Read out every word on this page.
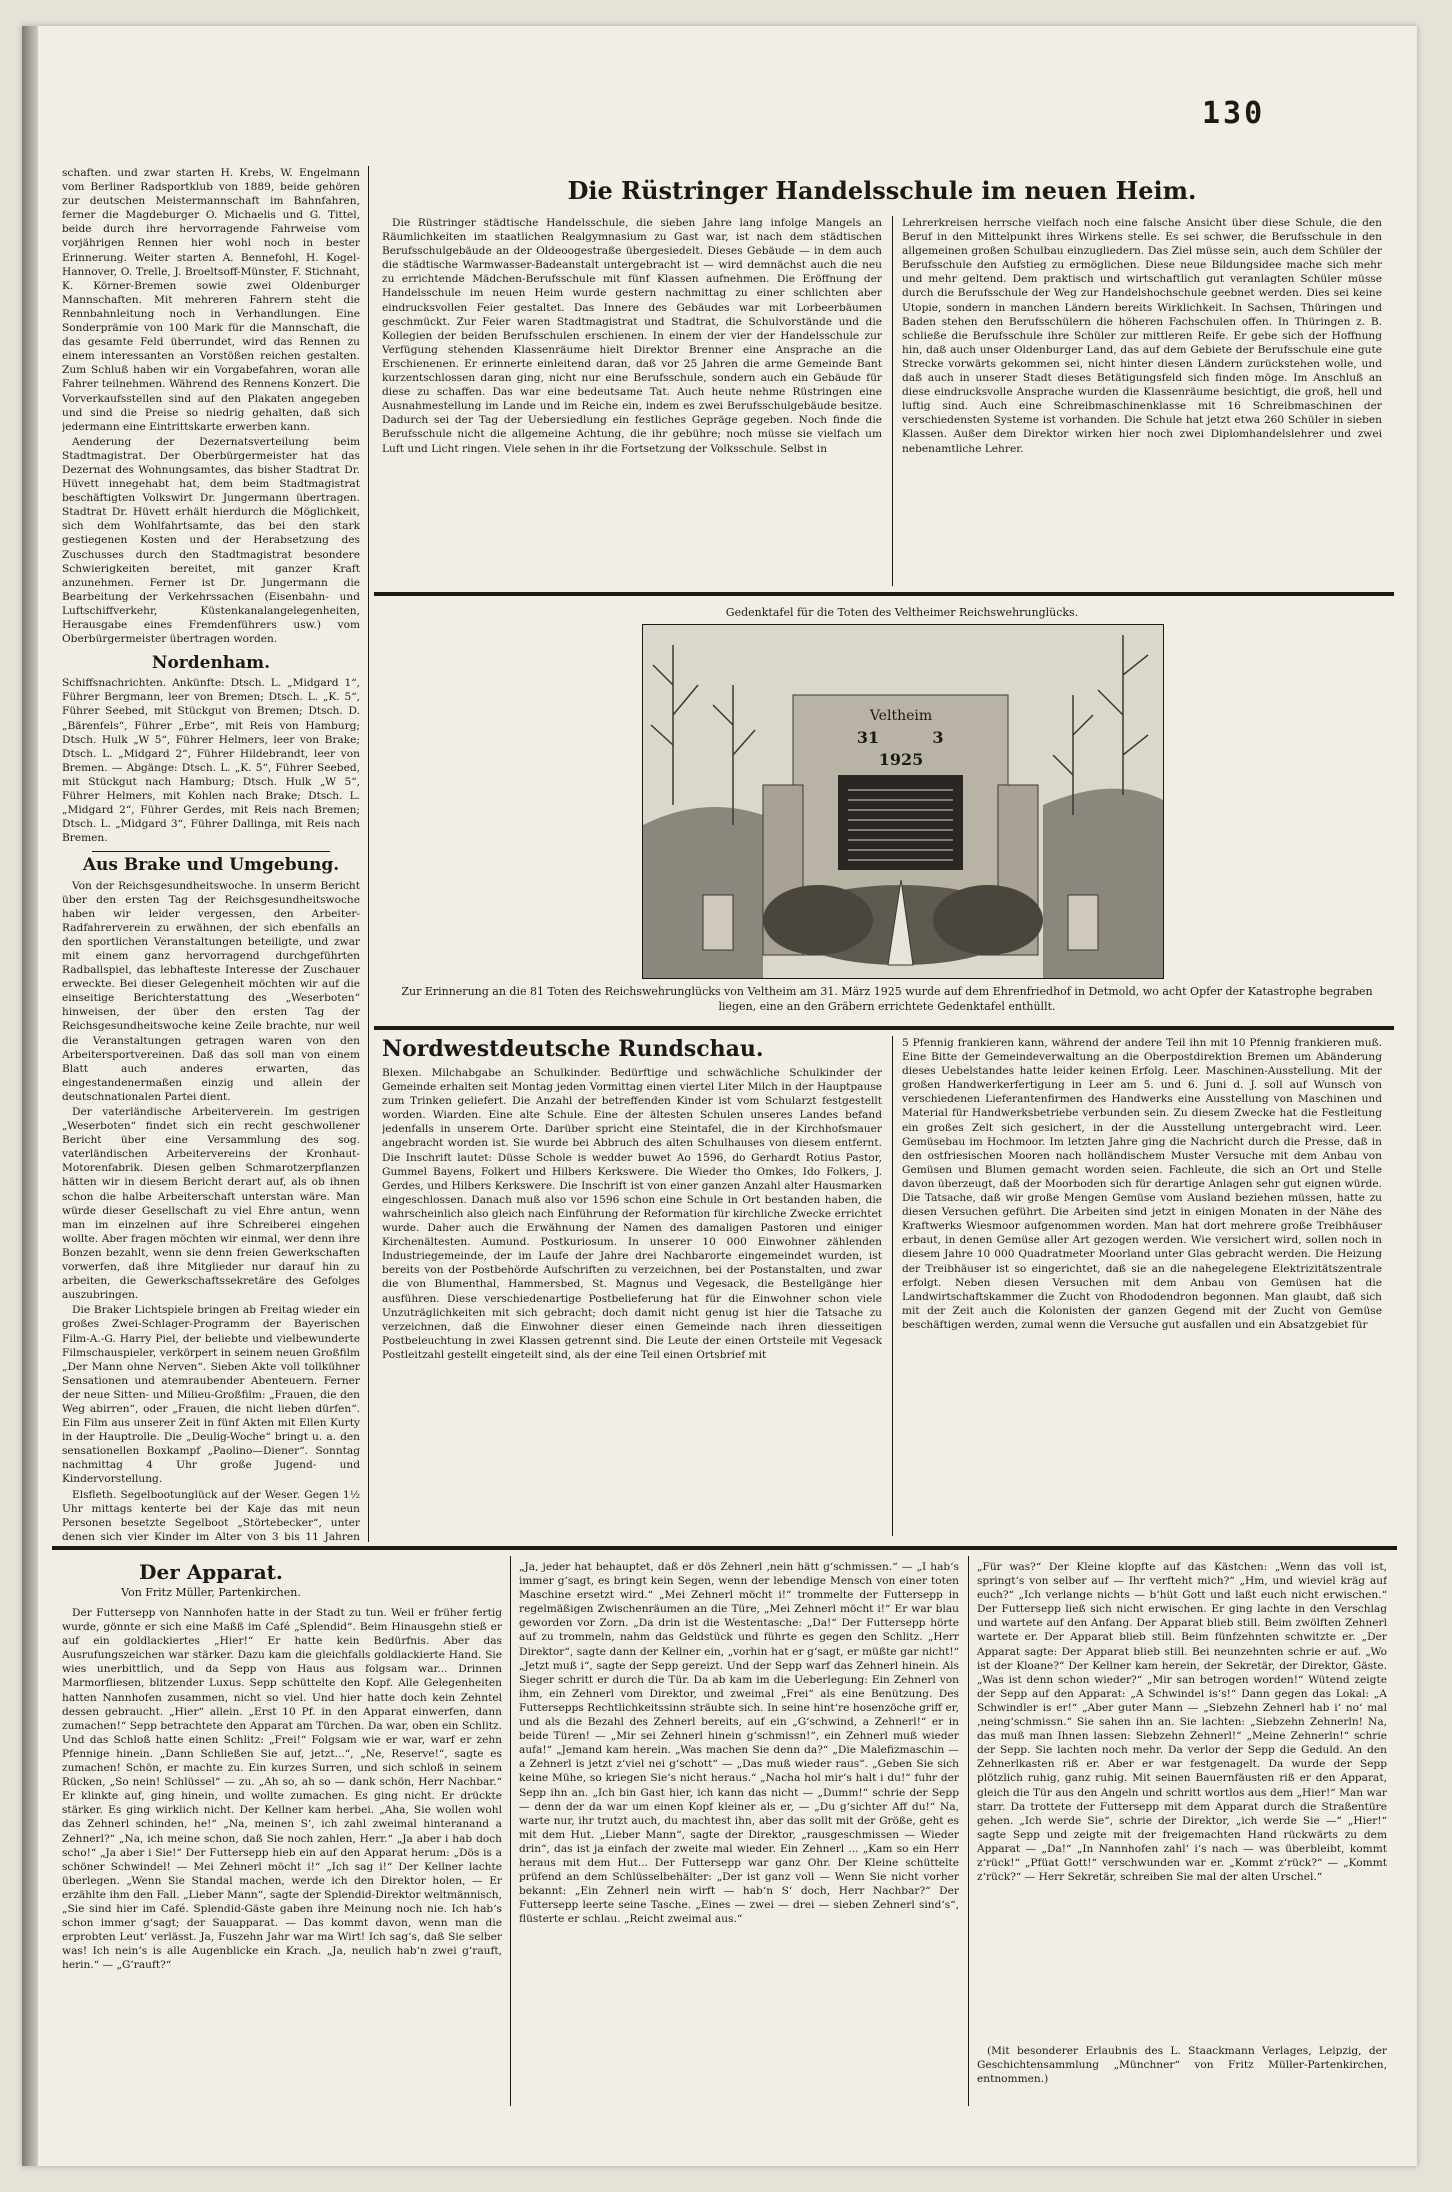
130

schaften. und zwar starten H. Krebs, W. Engelmann vom Berliner Radsportklub von 1889, beide gehören zur deutschen Meistermannschaft im Bahnfahren, ferner die Magdeburger O. Michaelis und G. Tittel, beide durch ihre hervorragende Fahrweise vom vorjährigen Rennen hier wohl noch in bester Erinnerung. Weiter starten A. Bennefohl, H. Kogel-Hannover, O. Trelle, J. Broeltsoff-Münster, F. Stichnaht, K. Körner-Bremen sowie zwei Oldenburger Mannschaften. Mit mehreren Fahrern steht die Rennbahnleitung noch in Verhandlungen. Eine Sonderprämie von 100 Mark für die Mannschaft, die das gesamte Feld überrundet, wird das Rennen zu einem interessanten an Vorstößen reichen gestalten. Zum Schluß haben wir ein Vorgabefahren, woran alle Fahrer teilnehmen. Während des Rennens Konzert. Die Vorverkaufsstellen sind auf den Plakaten angegeben und sind die Preise so niedrig gehalten, daß sich jedermann eine Eintrittskarte erwerben kann.

Aenderung der Dezernatsverteilung beim Stadtmagistrat. Der Oberbürgermeister hat das Dezernat des Wohnungsamtes, das bisher Stadtrat Dr. Hüvett innegehabt hat, dem beim Stadtmagistrat beschäftigten Volkswirt Dr. Jungermann übertragen. Stadtrat Dr. Hüvett erhält hierdurch die Möglichkeit, sich dem Wohlfahrtsamte, das bei den stark gestiegenen Kosten und der Herabsetzung des Zuschusses durch den Stadtmagistrat besondere Schwierigkeiten bereitet, mit ganzer Kraft anzunehmen. Ferner ist Dr. Jungermann die Bearbeitung der Verkehrssachen (Eisenbahn- und Luftschiffverkehr, Küstenkanalangelegenheiten, Herausgabe eines Fremdenführers usw.) vom Oberbürgermeister übertragen worden.

Nordenham.

Schiffsnachrichten. Ankünfte: Dtsch. L. „Midgard 1“, Führer Bergmann, leer von Bremen; Dtsch. L. „K. 5“, Führer Seebed, mit Stückgut von Bremen; Dtsch. D. „Bärenfels“, Führer „Erbe“, mit Reis von Hamburg; Dtsch. Hulk „W 5“, Führer Helmers, leer von Brake; Dtsch. L. „Midgard 2“, Führer Hildebrandt, leer von Bremen. — Abgänge: Dtsch. L. „K. 5“, Führer Seebed, mit Stückgut nach Hamburg; Dtsch. Hulk „W 5“, Führer Helmers, mit Kohlen nach Brake; Dtsch. L. „Midgard 2“, Führer Gerdes, mit Reis nach Bremen; Dtsch. L. „Midgard 3“, Führer Dallinga, mit Reis nach Bremen.

Aus Brake und Umgebung.

Von der Reichsgesundheitswoche. In unserm Bericht über den ersten Tag der Reichsgesundheitswoche haben wir leider vergessen, den Arbeiter-Radfahrerverein zu erwähnen, der sich ebenfalls an den sportlichen Veranstaltungen beteiligte, und zwar mit einem ganz hervorragend durchgeführten Radballspiel, das lebhafteste Interesse der Zuschauer erweckte. Bei dieser Gelegenheit möchten wir auf die einseitige Berichterstattung des „Weserboten“ hinweisen, der über den ersten Tag der Reichsgesundheitswoche keine Zeile brachte, nur weil die Veranstaltungen getragen waren von den Arbeitersportvereinen. Daß das soll man von einem Blatt auch anderes erwarten, das eingestandenermaßen einzig und allein der deutschnationalen Partei dient.

Der vaterländische Arbeiterverein. Im gestrigen „Weserboten“ findet sich ein recht geschwollener Bericht über eine Versammlung des sog. vaterländischen Arbeitervereins der Kronhaut-Motorenfabrik. Diesen gelben Schmarotzerpflanzen hätten wir in diesem Bericht derart auf, als ob ihnen schon die halbe Arbeiterschaft unterstan wäre. Man würde dieser Gesellschaft zu viel Ehre antun, wenn man im einzelnen auf ihre Schreiberei eingehen wollte. Aber fragen möchten wir einmal, wer denn ihre Bonzen bezahlt, wenn sie denn freien Gewerkschaften vorwerfen, daß ihre Mitglieder nur darauf hin zu arbeiten, die Gewerkschaftssekretäre des Gefolges auszubringen.

Die Braker Lichtspiele bringen ab Freitag wieder ein großes Zwei-Schlager-Programm der Bayerischen Film-A.-G. Harry Piel, der beliebte und vielbewunderte Filmschauspieler, verkörpert in seinem neuen Großfilm „Der Mann ohne Nerven“. Sieben Akte voll tollkühner Sensationen und atemraubender Abenteuern. Ferner der neue Sitten- und Milieu-Großfilm: „Frauen, die den Weg abirren“, oder „Frauen, die nicht lieben dürfen“. Ein Film aus unserer Zeit in fünf Akten mit Ellen Kurty in der Hauptrolle. Die „Deulig-Woche“ bringt u. a. den sensationellen Boxkampf „Paolino—Diener“. Sonntag nachmittag 4 Uhr große Jugend- und Kindervorstellung.

Elsfleth. Segelbootunglück auf der Weser. Gegen 1½ Uhr mittags kenterte bei der Kaje das mit neun Personen besetzte Segelboot „Störtebecker“, unter denen sich vier Kinder im Alter von 3 bis 11 Jahren

Die Rüstringer Handelsschule im neuen Heim.

Die Rüstringer städtische Handelsschule, die sieben Jahre lang infolge Mangels an Räumlichkeiten im staatlichen Realgymnasium zu Gast war, ist nach dem städtischen Berufsschulgebäude an der Oldeoogestraße übergesiedelt. Dieses Gebäude — in dem auch die städtische Warmwasser-Badeanstalt untergebracht ist — wird demnächst auch die neu zu errichtende Mädchen-Berufsschule mit fünf Klassen aufnehmen. Die Eröffnung der Handelsschule im neuen Heim wurde gestern nachmittag zu einer schlichten aber eindrucksvollen Feier gestaltet. Das Innere des Gebäudes war mit Lorbeerbäumen geschmückt. Zur Feier waren Stadtmagistrat und Stadtrat, die Schulvorstände und die Kollegien der beiden Berufsschulen erschienen. In einem der vier der Handelsschule zur Verfügung stehenden Klassenräume hielt Direktor Brenner eine Ansprache an die Erschienenen. Er erinnerte einleitend daran, daß vor 25 Jahren die arme Gemeinde Bant kurzentschlossen daran ging, nicht nur eine Berufsschule, sondern auch ein Gebäude für diese zu schaffen. Das war eine bedeutsame Tat. Auch heute nehme Rüstringen eine Ausnahmestellung im Lande und im Reiche ein, indem es zwei Berufsschulgebäude besitze. Dadurch sei der Tag der Uebersiedlung ein festliches Gepräge gegeben. Noch finde die Berufsschule nicht die allgemeine Achtung, die ihr gebühre; noch müsse sie vielfach um Luft und Licht ringen. Viele sehen in ihr die Fortsetzung der Volksschule. Selbst in

Lehrerkreisen herrsche vielfach noch eine falsche Ansicht über diese Schule, die den Beruf in den Mittelpunkt ihres Wirkens stelle. Es sei schwer, die Berufsschule in den allgemeinen großen Schulbau einzugliedern. Das Ziel müsse sein, auch dem Schüler der Berufsschule den Aufstieg zu ermöglichen. Diese neue Bildungsidee mache sich mehr und mehr geltend. Dem praktisch und wirtschaftlich gut veranlagten Schüler müsse durch die Berufsschule der Weg zur Handelshochschule geebnet werden. Dies sei keine Utopie, sondern in manchen Ländern bereits Wirklichkeit. In Sachsen, Thüringen und Baden stehen den Berufsschülern die höheren Fachschulen offen. In Thüringen z. B. schließe die Berufsschule ihre Schüler zur mittleren Reife. Er gebe sich der Hoffnung hin, daß auch unser Oldenburger Land, das auf dem Gebiete der Berufsschule eine gute Strecke vorwärts gekommen sei, nicht hinter diesen Ländern zurückstehen wolle, und daß auch in unserer Stadt dieses Betätigungsfeld sich finden möge. Im Anschluß an diese eindrucksvolle Ansprache wurden die Klassenräume besichtigt, die groß, hell und luftig sind. Auch eine Schreibmaschinenklasse mit 16 Schreibmaschinen der verschiedensten Systeme ist vorhanden. Die Schule hat jetzt etwa 260 Schüler in sieben Klassen. Außer dem Direktor wirken hier noch zwei Diplomhandelslehrer und zwei nebenamtliche Lehrer.

Gedenktafel für die Toten des Veltheimer Reichswehrunglücks.
Veltheim
31	3
1925
Zur Erinnerung an die 81 Toten des Reichswehrunglücks von Veltheim am 31. März 1925 wurde auf dem Ehrenfriedhof in Detmold, wo acht Opfer der Katastrophe begraben liegen, eine an den Gräbern errichtete Gedenktafel enthüllt.
Nordwestdeutsche Rundschau.

Blexen. Milchabgabe an Schulkinder. Bedürftige und schwächliche Schulkinder der Gemeinde erhalten seit Montag jeden Vormittag einen viertel Liter Milch in der Hauptpause zum Trinken geliefert. Die Anzahl der betreffenden Kinder ist vom Schularzt festgestellt worden. Wiarden. Eine alte Schule. Eine der ältesten Schulen unseres Landes befand jedenfalls in unserem Orte. Darüber spricht eine Steintafel, die in der Kirchhofsmauer angebracht worden ist. Sie wurde bei Abbruch des alten Schulhauses von diesem entfernt. Die Inschrift lautet: Düsse Schole is wedder buwet Ao 1596, do Gerhardt Rotius Pastor, Gummel Bayens, Folkert und Hilbers Kerkswere. Die Wieder tho Omkes, Ido Folkers, J. Gerdes, und Hilbers Kerkswere. Die Inschrift ist von einer ganzen Anzahl alter Hausmarken eingeschlossen. Danach muß also vor 1596 schon eine Schule in Ort bestanden haben, die wahrscheinlich also gleich nach Einführung der Reformation für kirchliche Zwecke errichtet wurde. Daher auch die Erwähnung der Namen des damaligen Pastoren und einiger Kirchenältesten. Aumund. Postkuriosum. In unserer 10 000 Einwohner zählenden Industriegemeinde, der im Laufe der Jahre drei Nachbarorte eingemeindet wurden, ist bereits von der Postbehörde Aufschriften zu verzeichnen, bei der Postanstalten, und zwar die von Blumenthal, Hammersbed, St. Magnus und Vegesack, die Bestellgänge hier ausführen. Diese verschiedenartige Postbelieferung hat für die Einwohner schon viele Unzuträglichkeiten mit sich gebracht; doch damit nicht genug ist hier die Tatsache zu verzeichnen, daß die Einwohner dieser einen Gemeinde nach ihren diesseitigen Postbeleuchtung in zwei Klassen getrennt sind. Die Leute der einen Ortsteile mit Vegesack Postleitzahl gestellt eingeteilt sind, als der eine Teil einen Ortsbrief mit

5 Pfennig frankieren kann, während der andere Teil ihn mit 10 Pfennig frankieren muß. Eine Bitte der Gemeindeverwaltung an die Oberpostdirektion Bremen um Abänderung dieses Uebelstandes hatte leider keinen Erfolg. Leer. Maschinen-Ausstellung. Mit der großen Handwerkerfertigung in Leer am 5. und 6. Juni d. J. soll auf Wunsch von verschiedenen Lieferantenfirmen des Handwerks eine Ausstellung von Maschinen und Material für Handwerksbetriebe verbunden sein. Zu diesem Zwecke hat die Festleitung ein großes Zelt sich gesichert, in der die Ausstellung untergebracht wird. Leer. Gemüsebau im Hochmoor. Im letzten Jahre ging die Nachricht durch die Presse, daß in den ostfriesischen Mooren nach holländischem Muster Versuche mit dem Anbau von Gemüsen und Blumen gemacht worden seien. Fachleute, die sich an Ort und Stelle davon überzeugt, daß der Moorboden sich für derartige Anlagen sehr gut eignen würde. Die Tatsache, daß wir große Mengen Gemüse vom Ausland beziehen müssen, hatte zu diesen Versuchen geführt. Die Arbeiten sind jetzt in einigen Monaten in der Nähe des Kraftwerks Wiesmoor aufgenommen worden. Man hat dort mehrere große Treibhäuser erbaut, in denen Gemüse aller Art gezogen werden. Wie versichert wird, sollen noch in diesem Jahre 10 000 Quadratmeter Moorland unter Glas gebracht werden. Die Heizung der Treibhäuser ist so eingerichtet, daß sie an die nahegelegene Elektrizitätszentrale erfolgt. Neben diesen Versuchen mit dem Anbau von Gemüsen hat die Landwirtschaftskammer die Zucht von Rhododendron begonnen. Man glaubt, daß sich mit der Zeit auch die Kolonisten der ganzen Gegend mit der Zucht von Gemüse beschäftigen werden, zumal wenn die Versuche gut ausfallen und ein Absatzgebiet für

Der Apparat.
Von Fritz Müller, Partenkirchen.

Der Futtersepp von Nannhofen hatte in der Stadt zu tun. Weil er früher fertig wurde, gönnte er sich eine Maßß im Café „Splendid“. Beim Hinausgehn stieß er auf ein goldlackiertes „Hier!“ Er hatte kein Bedürfnis. Aber das Ausrufungszeichen war stärker. Dazu kam die gleichfalls goldlackierte Hand. Sie wies unerbittlich, und da Sepp von Haus aus folgsam war... Drinnen Marmorfliesen, blitzender Luxus. Sepp schüttelte den Kopf. Alle Gelegenheiten hatten Nannhofen zusammen, nicht so viel. Und hier hatte doch kein Zehntel dessen gebraucht. „Hier“ allein. „Erst 10 Pf. in den Apparat einwerfen, dann zumachen!“ Sepp betrachtete den Apparat am Türchen. Da war, oben ein Schlitz. Und das Schloß hatte einen Schlitz: „Frei!“ Folgsam wie er war, warf er zehn Pfennige hinein. „Dann Schließen Sie auf, jetzt...“, „Ne, Reserve!“, sagte es zumachen! Schön, er machte zu. Ein kurzes Surren, und sich schloß in seinem Rücken, „So nein! Schlüssel“ — zu. „Ah so, ah so — dank schön, Herr Nachbar.“ Er klinkte auf, ging hinein, und wollte zumachen. Es ging nicht. Er drückte stärker. Es ging wirklich nicht. Der Kellner kam herbei. „Aha, Sie wollen wohl das Zehnerl schinden, he!“ „Na, meinen S‘, ich zahl zweimal hinteranand a Zehnerl?“ „Na, ich meine schon, daß Sie noch zahlen, Herr.“ „Ja aber i hab doch scho!“ „Ja aber i Sie!“ Der Futtersepp hieb ein auf den Apparat herum: „Dös is a schöner Schwindel! — Mei Zehnerl möcht i!“ „Ich sag i!“ Der Kellner lachte überlegen. „Wenn Sie Standal machen, werde ich den Direktor holen, — Er erzählte ihm den Fall. „Lieber Mann“, sagte der Splendid-Direktor weltmännisch, „Sie sind hier im Café. Splendid-Gäste gaben ihre Meinung noch nie. Ich hab‘s schon immer g‘sagt; der Sauapparat. — Das kommt davon, wenn man die erprobten Leut‘ verlässt. Ja, Fuszehn Jahr war ma Wirt! Ich sag‘s, daß Sie selber was! Ich nein‘s is alle Augenblicke ein Krach. „Ja, neulich hab‘n zwei g‘rauft, herin.“ — „G‘rauft?“

„Ja, jeder hat behauptet, daß er dös Zehnerl ‚nein hätt g‘schmissen.“ — „I hab‘s immer g‘sagt, es bringt kein Segen, wenn der lebendige Mensch von einer toten Maschine ersetzt wird.“ „Mei Zehnerl möcht i!“ trommelte der Futtersepp in regelmäßigen Zwischenräumen an die Türe, „Mei Zehnerl möcht i!“ Er war blau geworden vor Zorn. „Da drin ist die Westentasche: „Da!“ Der Futtersepp hörte auf zu trommeln, nahm das Geldstück und führte es gegen den Schlitz. „Herr Direktor“, sagte dann der Kellner ein, „vorhin hat er g‘sagt, er müßte gar nicht!“ „Jetzt muß i“, sagte der Sepp gereizt. Und der Sepp warf das Zehnerl hinein. Als Sieger schritt er durch die Tür. Da ab kam im die Ueberlegung: Ein Zehnerl von ihm, ein Zehnerl vom Direktor, und zweimal „Frei“ als eine Benützung. Des Futtersepps Rechtlichkeitssinn sträubte sich. In seine hint‘re hosenzöche griff er, und als die Bezahl des Zehnerl bereits, auf ein „G‘schwind, a Zehnerl!“ er in beide Türen! — „Mir sei Zehnerl hinein g‘schmissn!“, ein Zehnerl muß wieder aufa!“ „Jemand kam herein. „Was machen Sie denn da?“ „Die Malefizmaschin — a Zehnerl is jetzt z‘viel nei g‘schott“ — „Das muß wieder raus“. „Geben Sie sich keine Mühe, so kriegen Sie‘s nicht heraus.“ „Nacha hol mir‘s halt i du!“ fuhr der Sepp ihn an. „Ich bin Gast hier, ich kann das nicht — „Dumm!“ schrie der Sepp — denn der da war um einen Kopf kleiner als er, — „Du g‘sichter Aff du!“ Na, warte nur, ihr trutzt auch, du machtest ihn, aber das sollt mit der Größe, geht es mit dem Hut. „Lieber Mann“, sagte der Direktor, „rausgeschmissen — Wieder drin“, das ist ja einfach der zweite mal wieder. Ein Zehnerl ... „Kam so ein Herr heraus mit dem Hut... Der Futtersepp war ganz Ohr. Der Kleine schüttelte prüfend an dem Schlüsselbehälter: „Der ist ganz voll — Wenn Sie nicht vorher bekannt: „Ein Zehnerl nein wirft — hab‘n S‘ doch, Herr Nachbar?“ Der Futtersepp leerte seine Tasche. „Eines — zwei — drei — sieben Zehnerl sind‘s“, flüsterte er schlau. „Reicht zweimal aus.“

„Für was?“ Der Kleine klopfte auf das Kästchen: „Wenn das voll ist, springt‘s von selber auf — Ihr verfteht mich?“ „Hm, und wieviel kräg auf euch?“ „Ich verlange nichts — b‘hüt Gott und laßt euch nicht erwischen.“ Der Futtersepp ließ sich nicht erwischen. Er ging lachte in den Verschlag und wartete auf den Anfang. Der Apparat blieb still. Beim zwölften Zehnerl wartete er. Der Apparat blieb still. Beim fünfzehnten schwitzte er. „Der Apparat sagte: Der Apparat blieb still. Bei neunzehnten schrie er auf. „Wo ist der Kloane?“ Der Kellner kam herein, der Sekretär, der Direktor, Gäste. „Was ist denn schon wieder?“ „Mir san betrogen worden!“ Wütend zeigte der Sepp auf den Apparat: „A Schwindel is‘s!“ Dann gegen das Lokal: „A Schwindler is er!“ „Aber guter Mann — „Siebzehn Zehnerl hab i‘ no‘ mal ‚neing‘schmissn.“ Sie sahen ihn an. Sie lachten: „Siebzehn Zehnerln! Na, das muß man Ihnen lassen: Siebzehn Zehnerl!“ „Meine Zehnerln!“ schrie der Sepp. Sie lachten noch mehr. Da verlor der Sepp die Geduld. An den Zehnerlkasten riß er. Aber er war festgenagelt. Da wurde der Sepp plötzlich ruhig, ganz ruhig. Mit seinen Bauernfäusten riß er den Apparat, gleich die Tür aus den Angeln und schritt wortlos aus dem „Hier!“ Man war starr. Da trottete der Futtersepp mit dem Apparat durch die Straßentüre gehen. „Ich werde Sie“, schrie der Direktor, „ich werde Sie —“ „Hier!“ sagte Sepp und zeigte mit der freigemachten Hand rückwärts zu dem Apparat — „Da!“ „In Nannhofen zahl‘ i‘s nach — was überbleibt, kommt z‘rück!“ „Pfüat Gott!“ verschwunden war er. „Kommt z‘rück?“ — „Kommt z‘rück?“ — Herr Sekretär, schreiben Sie mal der alten Urschel.“

(Mit besonderer Erlaubnis des L. Staackmann Verlages, Leipzig, der Geschichtensammlung „Münchner“ von Fritz Müller-Partenkirchen, entnommen.)
